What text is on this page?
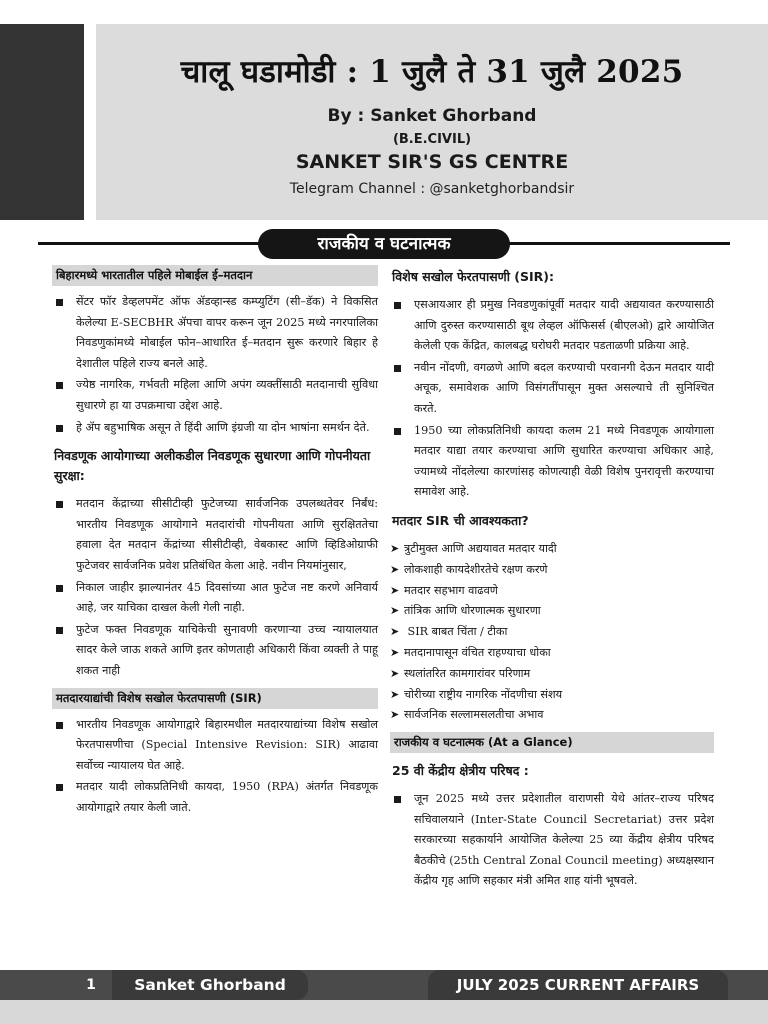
चालू घडामोडी : 1 जुलै ते 31 जुलै 2025
By : Sanket Ghorband
(B.E.CIVIL)
SANKET SIR'S GS CENTRE
Telegram Channel : @sanketghorbandsir
राजकीय व घटनात्मक
बिहारमध्ये भारतातील पहिले मोबाईल ई–मतदान
सेंटर फॉर डेव्हलपमेंट ऑफ ॲडव्हान्स्ड कम्प्युटिंग (सी–डॅक) ने विकसित केलेल्या E-SECBHR ॲपचा वापर करून जून 2025 मध्ये नगरपालिका निवडणुकांमध्ये मोबाईल फोन–आधारित ई–मतदान सुरू करणारे बिहार हे देशातील पहिले राज्य बनले आहे.
ज्येष्ठ नागरिक, गर्भवती महिला आणि अपंग व्यक्तींसाठी मतदानाची सुविधा सुधारणे हा या उपक्रमाचा उद्देश आहे.
हे ॲप बहुभाषिक असून ते हिंदी आणि इंग्रजी या दोन भाषांना समर्थन देते.
निवडणूक आयोगाच्या अलीकडील निवडणूक सुधारणा आणि गोपनीयता सुरक्षा:
मतदान केंद्राच्या सीसीटीव्ही फुटेजच्या सार्वजनिक उपलब्धतेवर निर्बंध: भारतीय निवडणूक आयोगाने मतदारांची गोपनीयता आणि सुरक्षिततेचा हवाला देत मतदान केंद्रांच्या सीसीटीव्ही, वेबकास्ट आणि व्हिडिओग्राफी फुटेजवर सार्वजनिक प्रवेश प्रतिबंधित केला आहे. नवीन नियमांनुसार,
निकाल जाहीर झाल्यानंतर 45 दिवसांच्या आत फुटेज नष्ट करणे अनिवार्य आहे, जर याचिका दाखल केली गेली नाही.
फुटेज फक्त निवडणूक याचिकेची सुनावणी करणाऱ्या उच्च न्यायालयात सादर केले जाऊ शकते आणि इतर कोणताही अधिकारी किंवा व्यक्ती ते पाहू शकत नाही
मतदारयाद्यांची विशेष सखोल फेरतपासणी (SIR)
भारतीय निवडणूक आयोगाद्वारे बिहारमधील मतदारयाद्यांच्या विशेष सखोल फेरतपासणीचा (Special Intensive Revision: SIR) आढावा सर्वोच्च न्यायालय घेत आहे.
मतदार यादी लोकप्रतिनिधी कायदा, 1950 (RPA) अंतर्गत निवडणूक आयोगाद्वारे तयार केली जाते.
विशेष सखोल फेरतपासणी (SIR):
एसआयआर ही प्रमुख निवडणुकांपूर्वी मतदार यादी अद्ययावत करण्यासाठी आणि दुरुस्त करण्यासाठी बूथ लेव्हल ऑफिसर्स (बीएलओ) द्वारे आयोजित केलेली एक केंद्रित, कालबद्ध घरोघरी मतदार पडताळणी प्रक्रिया आहे.
नवीन नोंदणी, वगळणे आणि बदल करण्याची परवानगी देऊन मतदार यादी अचूक, समावेशक आणि विसंगतींपासून मुक्त असल्याचे ती सुनिश्चित करते.
1950 च्या लोकप्रतिनिधी कायदा कलम 21 मध्ये निवडणूक आयोगाला मतदार याद्या तयार करण्याचा आणि सुधारित करण्याचा अधिकार आहे, ज्यामध्ये नोंदलेल्या कारणांसह कोणत्याही वेळी विशेष पुनरावृत्ती करण्याचा समावेश आहे.
मतदार SIR ची आवश्यकता?
➤ त्रुटीमुक्त आणि अद्ययावत मतदार यादी
➤ लोकशाही कायदेशीरतेचे रक्षण करणे
➤ मतदार सहभाग वाढवणे
➤ तांत्रिक आणि धोरणात्मक सुधारणा
➤ SIR बाबत चिंता / टीका
➤ मतदानापासून वंचित राहण्याचा धोका
➤ स्थलांतरित कामगारांवर परिणाम
➤ चोरीच्या राष्ट्रीय नागरिक नोंदणीचा संशय
➤ सार्वजनिक सल्लामसलतीचा अभाव
राजकीय व घटनात्मक (At a Glance)
25 वी केंद्रीय क्षेत्रीय परिषद :
जून 2025 मध्ये उत्तर प्रदेशातील वाराणसी येथे आंतर–राज्य परिषद सचिवालयाने (Inter-State Council Secretariat) उत्तर प्रदेश सरकारच्या सहकार्याने आयोजित केलेल्या 25 व्या केंद्रीय क्षेत्रीय परिषद बैठकीचे (25th Central Zonal Council meeting) अध्यक्षस्थान केंद्रीय गृह आणि सहकार मंत्री अमित शाह यांनी भूषवले.
1	Sanket Ghorband	JULY 2025 CURRENT AFFAIRS
